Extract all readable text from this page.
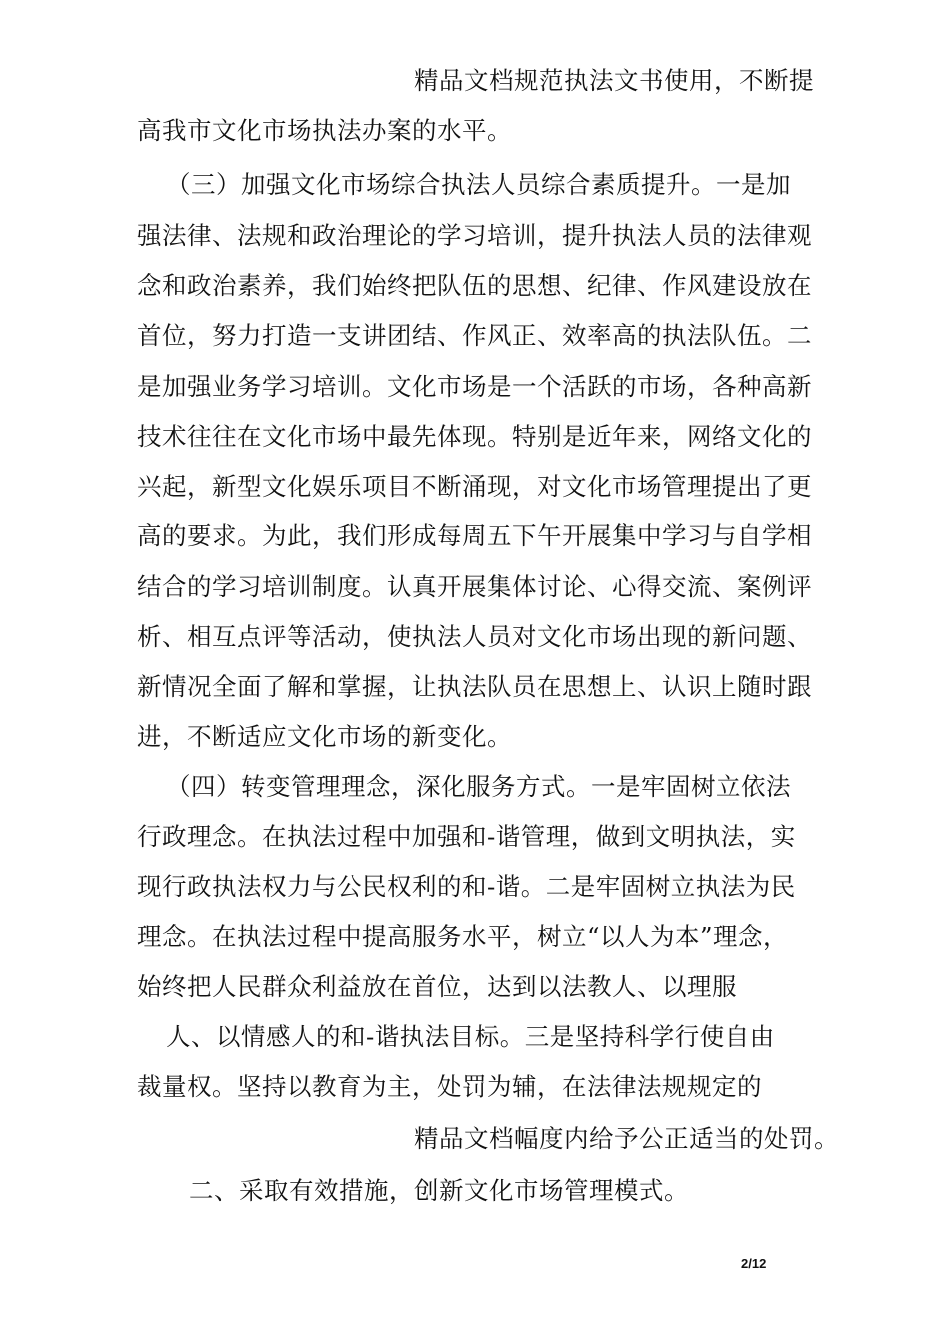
精品文档规范执法文书使用，不断提
高我市文化市场执法办案的水平。
（三）加强文化市场综合执法人员综合素质提升。一是加
强法律、法规和政治理论的学习培训，提升执法人员的法律观
念和政治素养，我们始终把队伍的思想、纪律、作风建设放在
首位，努力打造一支讲团结、作风正、效率高的执法队伍。二
是加强业务学习培训。文化市场是一个活跃的市场，各种高新
技术往往在文化市场中最先体现。特别是近年来，网络文化的
兴起，新型文化娱乐项目不断涌现，对文化市场管理提出了更
高的要求。为此，我们形成每周五下午开展集中学习与自学相
结合的学习培训制度。认真开展集体讨论、心得交流、案例评
析、相互点评等活动，使执法人员对文化市场出现的新问题、
新情况全面了解和掌握，让执法队员在思想上、认识上随时跟
进，不断适应文化市场的新变化。
（四）转变管理理念，深化服务方式。一是牢固树立依法
行政理念。在执法过程中加强和-谐管理，做到文明执法，实
现行政执法权力与公民权利的和-谐。二是牢固树立执法为民
理念。在执法过程中提高服务水平，树立“以人为本”理念，
始终把人民群众利益放在首位，达到以法教人、以理服
人、以情感人的和-谐执法目标。三是坚持科学行使自由
裁量权。坚持以教育为主，处罚为辅，在法律法规规定的
精品文档幅度内给予公正适当的处罚。
二、采取有效措施，创新文化市场管理模式。
2/12
